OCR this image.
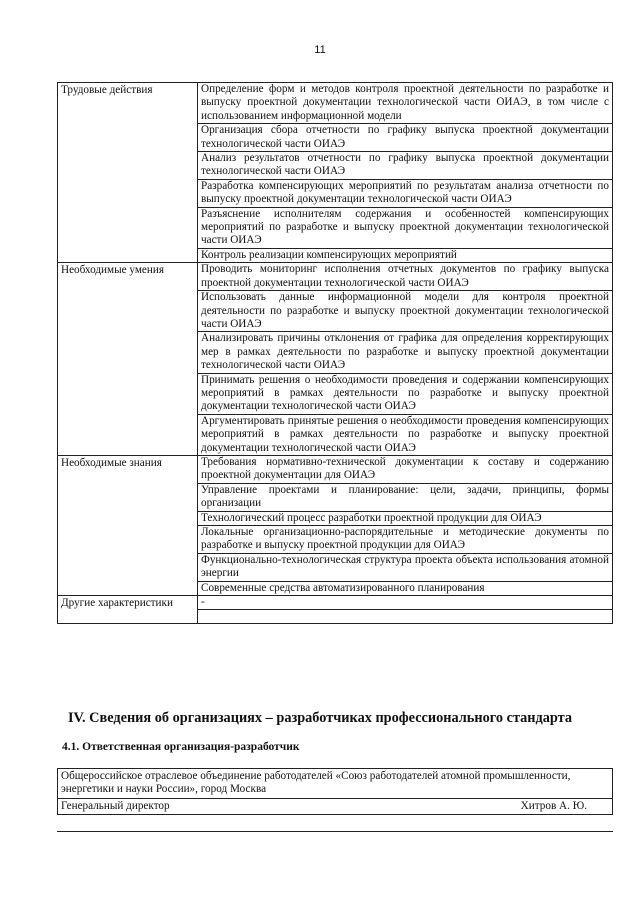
11
Трудовые действия	Определение форм и методов контроля проектной деятельности по разработке и выпуску проектной документации технологической части ОИАЭ, в том числе с использованием информационной модели
	Организация сбора отчетности по графику выпуска проектной документации технологической части ОИАЭ
	Анализ результатов отчетности по графику выпуска проектной документации технологической части ОИАЭ
	Разработка компенсирующих мероприятий по результатам анализа отчетности по выпуску проектной документации технологической части ОИАЭ
	Разъяснение исполнителям содержания и особенностей компенсирующих мероприятий по разработке и выпуску проектной документации технологической части ОИАЭ
	Контроль реализации компенсирующих мероприятий
Необходимые умения	Проводить мониторинг исполнения отчетных документов по графику выпуска проектной документации технологической части ОИАЭ
	Использовать данные информационной модели для контроля проектной деятельности по разработке и выпуску проектной документации технологической части ОИАЭ
	Анализировать причины отклонения от графика для определения корректирующих мер в рамках деятельности по разработке и выпуску проектной документации технологической части ОИАЭ
	Принимать решения о необходимости проведения и содержании компенсирующих мероприятий в рамках деятельности по разработке и выпуску проектной документации технологической части ОИАЭ
	Аргументировать принятые решения о необходимости проведения компенсирующих мероприятий в рамках деятельности по разработке и выпуску проектной документации технологической части ОИАЭ
Необходимые знания	Требования нормативно-технической документации к составу и содержанию проектной документации для ОИАЭ
	Управление проектами и планирование: цели, задачи, принципы, формы организации
	Технологический процесс разработки проектной продукции для ОИАЭ
	Локальные организационно-распорядительные и методические документы по разработке и выпуску проектной продукции для ОИАЭ
	Функционально-технологическая структура проекта объекта использования атомной энергии
	Современные средства автоматизированного планирования
Другие характеристики	-

IV. Сведения об организациях – разработчиках профессионального стандарта
4.1. Ответственная организация-разработчик
Общероссийское отраслевое объединение работодателей «Союз работодателей атомной промышленности, энергетики и науки России», город Москва

Генеральный директор	Хитров А. Ю.
